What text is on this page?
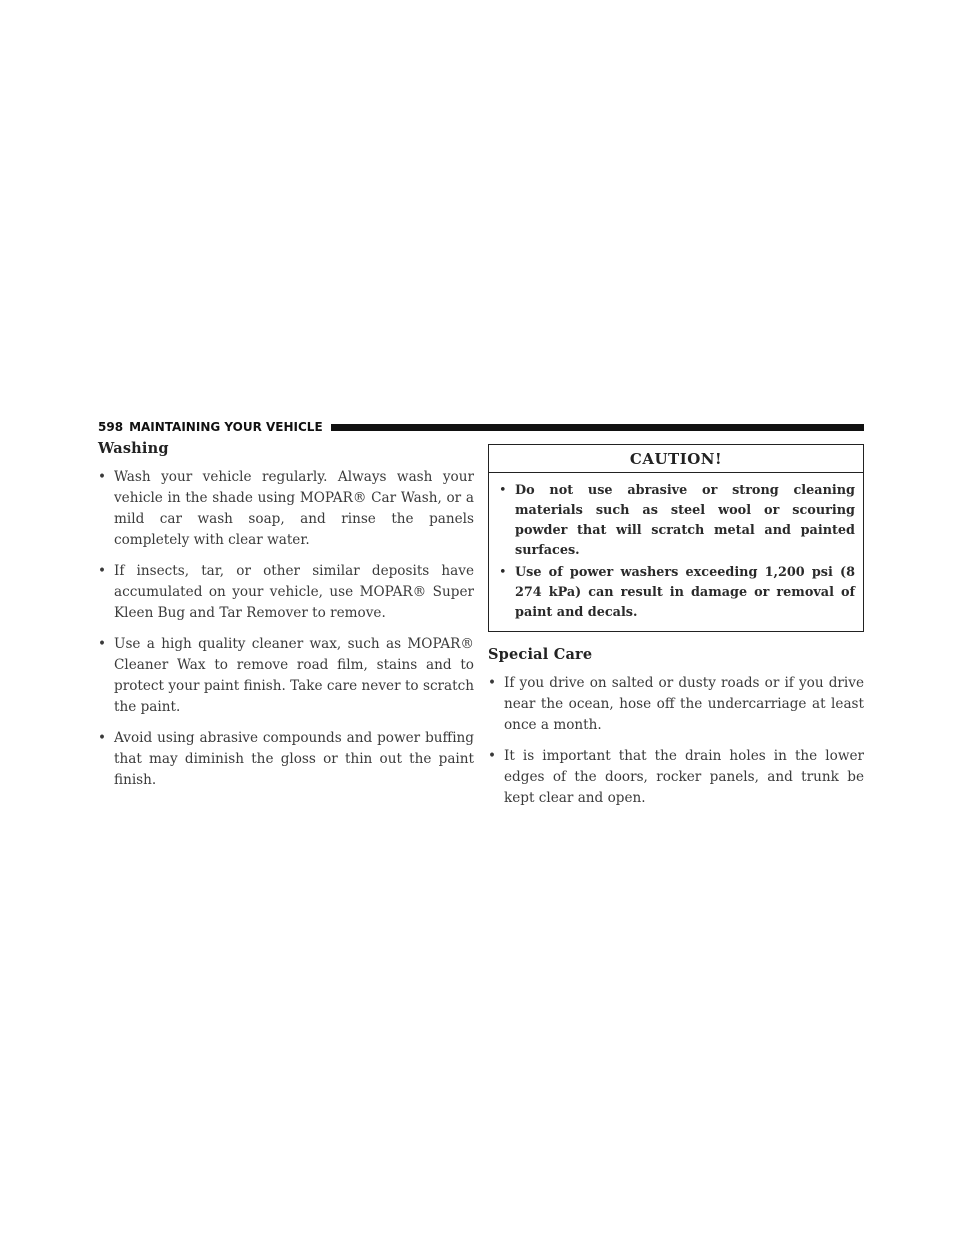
598 MAINTAINING YOUR VEHICLE
Washing
• Wash your vehicle regularly. Always wash your vehicle in the shade using MOPAR® Car Wash, or a mild car wash soap, and rinse the panels completely with clear water.
• If insects, tar, or other similar deposits have accumulated on your vehicle, use MOPAR® Super Kleen Bug and Tar Remover to remove.
• Use a high quality cleaner wax, such as MOPAR® Cleaner Wax to remove road film, stains and to protect your paint finish. Take care never to scratch the paint.
• Avoid using abrasive compounds and power buffing that may diminish the gloss or thin out the paint finish.
CAUTION!
• Do not use abrasive or strong cleaning materials such as steel wool or scouring powder that will scratch metal and painted surfaces.
• Use of power washers exceeding 1,200 psi (8 274 kPa) can result in damage or removal of paint and decals.
Special Care
• If you drive on salted or dusty roads or if you drive near the ocean, hose off the undercarriage at least once a month.
• It is important that the drain holes in the lower edges of the doors, rocker panels, and trunk be kept clear and open.
